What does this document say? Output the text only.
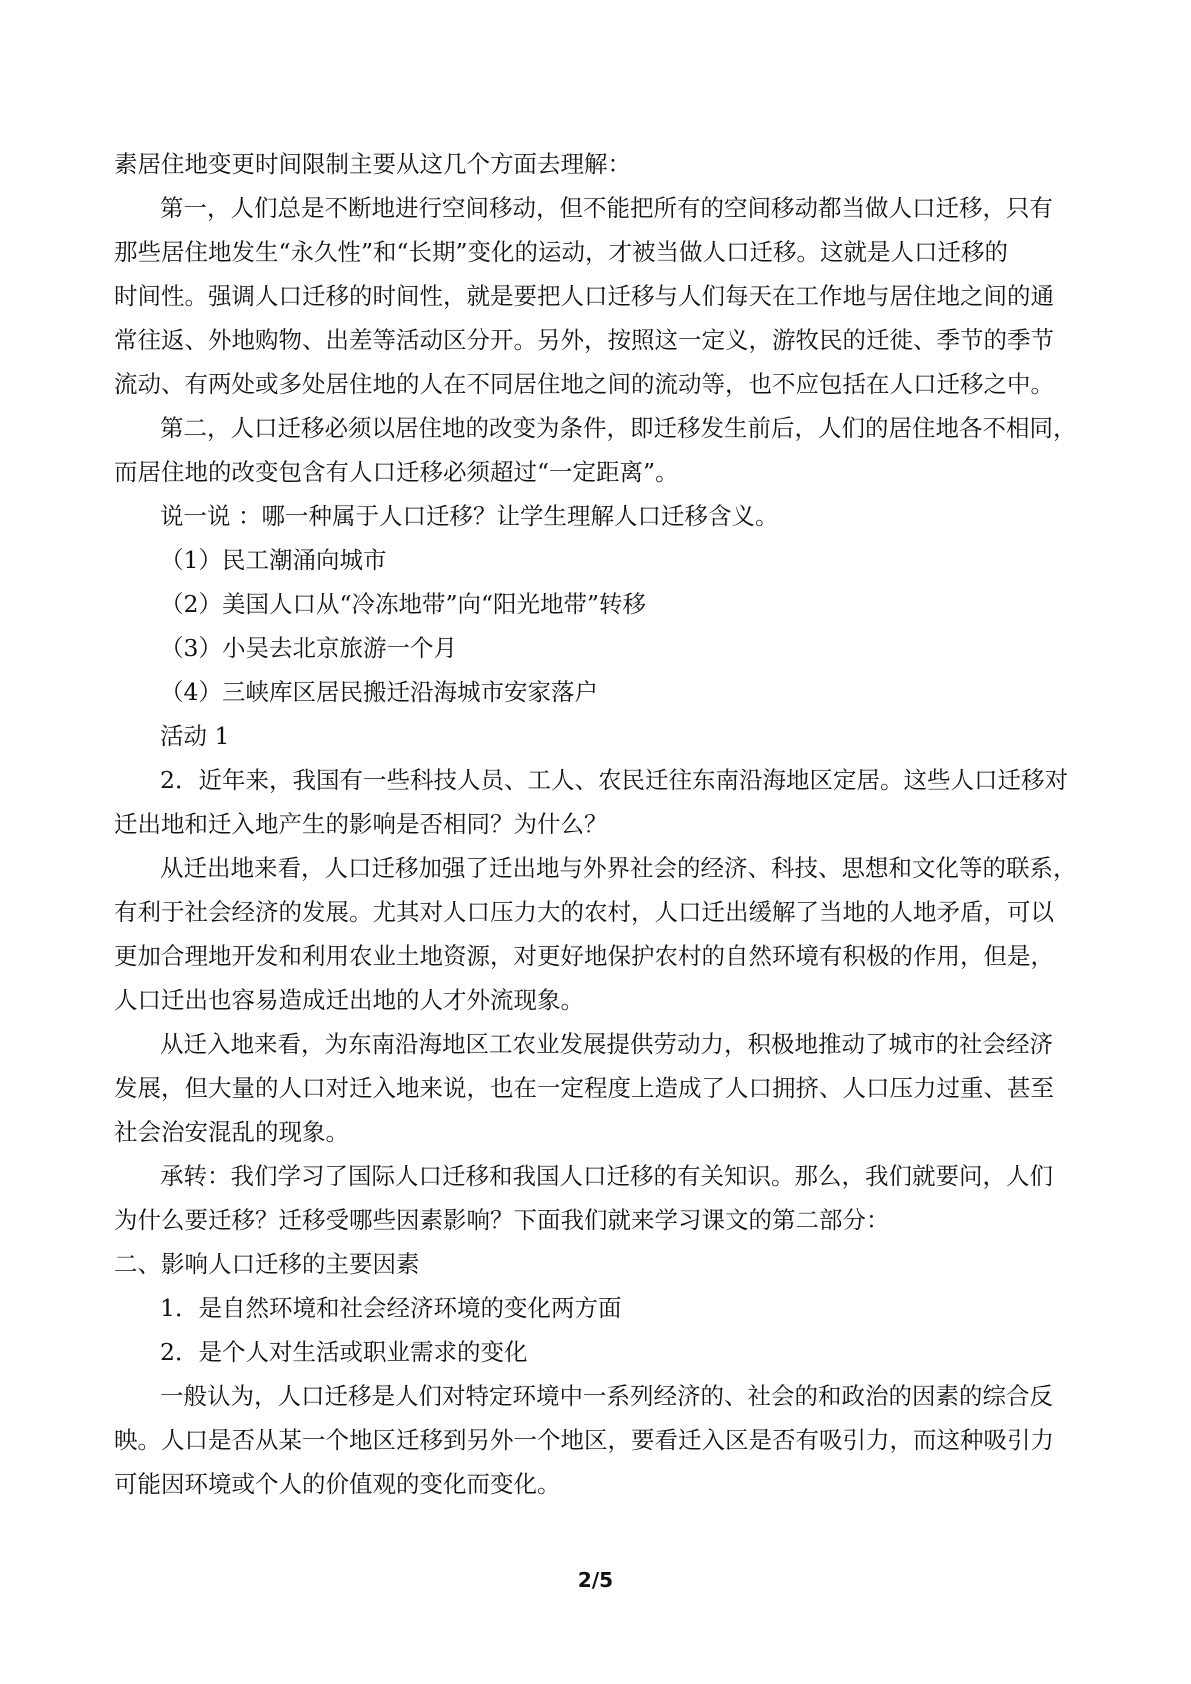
素居住地变更时间限制主要从这几个方面去理解：
第一，人们总是不断地进行空间移动，但不能把所有的空间移动都当做人口迁移，只有
那些居住地发生“永久性”和“长期”变化的运动，才被当做人口迁移。这就是人口迁移的
时间性。强调人口迁移的时间性，就是要把人口迁移与人们每天在工作地与居住地之间的通
常往返、外地购物、出差等活动区分开。另外，按照这一定义，游牧民的迁徙、季节的季节
流动、有两处或多处居住地的人在不同居住地之间的流动等，也不应包括在人口迁移之中。
第二，人口迁移必须以居住地的改变为条件，即迁移发生前后，人们的居住地各不相同，
而居住地的改变包含有人口迁移必须超过“一定距离”。
说一说 ：哪一种属于人口迁移？让学生理解人口迁移含义。
（1）民工潮涌向城市
（2）美国人口从“冷冻地带”向“阳光地带”转移
（3）小吴去北京旅游一个月
（4）三峡库区居民搬迁沿海城市安家落户
活动 1
2．近年来，我国有一些科技人员、工人、农民迁往东南沿海地区定居。这些人口迁移对
迁出地和迁入地产生的影响是否相同？为什么？
从迁出地来看，人口迁移加强了迁出地与外界社会的经济、科技、思想和文化等的联系，
有利于社会经济的发展。尤其对人口压力大的农村，人口迁出缓解了当地的人地矛盾，可以
更加合理地开发和利用农业土地资源，对更好地保护农村的自然环境有积极的作用，但是，
人口迁出也容易造成迁出地的人才外流现象。
从迁入地来看，为东南沿海地区工农业发展提供劳动力，积极地推动了城市的社会经济
发展，但大量的人口对迁入地来说，也在一定程度上造成了人口拥挤、人口压力过重、甚至
社会治安混乱的现象。
承转：我们学习了国际人口迁移和我国人口迁移的有关知识。那么，我们就要问，人们
为什么要迁移？迁移受哪些因素影响？下面我们就来学习课文的第二部分：
二、影响人口迁移的主要因素
1．是自然环境和社会经济环境的变化两方面
2．是个人对生活或职业需求的变化
一般认为，人口迁移是人们对特定环境中一系列经济的、社会的和政治的因素的综合反
映。人口是否从某一个地区迁移到另外一个地区，要看迁入区是否有吸引力，而这种吸引力
可能因环境或个人的价值观的变化而变化。
2/5
